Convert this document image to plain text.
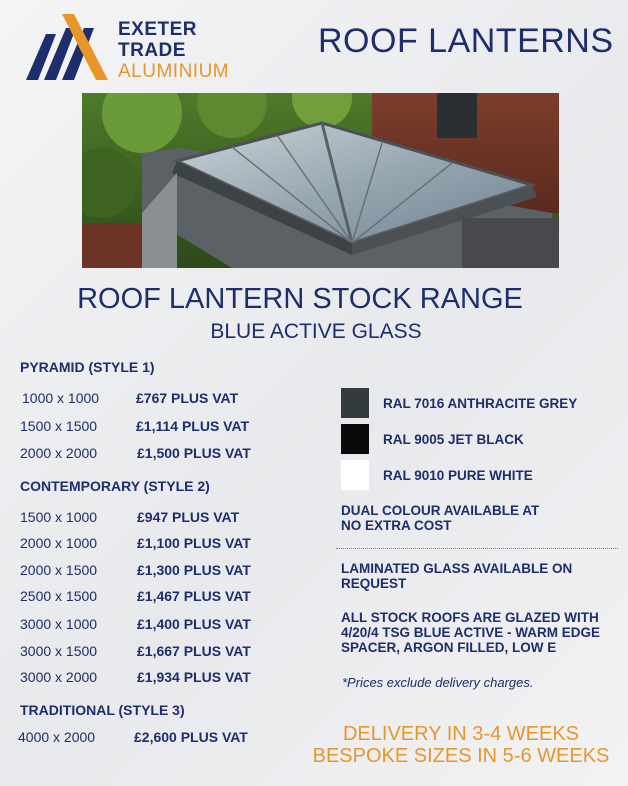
EXETER
TRADE
ALUMINIUM
ROOF LANTERNS
ROOF LANTERN STOCK RANGE
BLUE ACTIVE GLASS
PYRAMID (STYLE 1)
1000 x 1000	£767 PLUS VAT
1500 x 1500	£1,114 PLUS VAT
2000 x 2000	£1,500 PLUS VAT
CONTEMPORARY (STYLE 2)
1500 x 1000	£947 PLUS VAT
2000 x 1000	£1,100 PLUS VAT
2000 x 1500	£1,300 PLUS VAT
2500 x 1500	£1,467 PLUS VAT
3000 x 1000	£1,400 PLUS VAT
3000 x 1500	£1,667 PLUS VAT
3000 x 2000	£1,934 PLUS VAT
TRADITIONAL (STYLE 3)
4000 x 2000	£2,600 PLUS VAT
RAL 7016 ANTHRACITE GREY
RAL 9005 JET BLACK
RAL 9010 PURE WHITE
DUAL COLOUR AVAILABLE AT NO EXTRA COST
LAMINATED GLASS AVAILABLE ON REQUEST
ALL STOCK ROOFS ARE GLAZED WITH 4/20/4 TSG BLUE ACTIVE - WARM EDGE SPACER, ARGON FILLED, LOW E
*Prices exclude delivery charges.
DELIVERY IN 3-4 WEEKS
BESPOKE SIZES IN 5-6 WEEKS
